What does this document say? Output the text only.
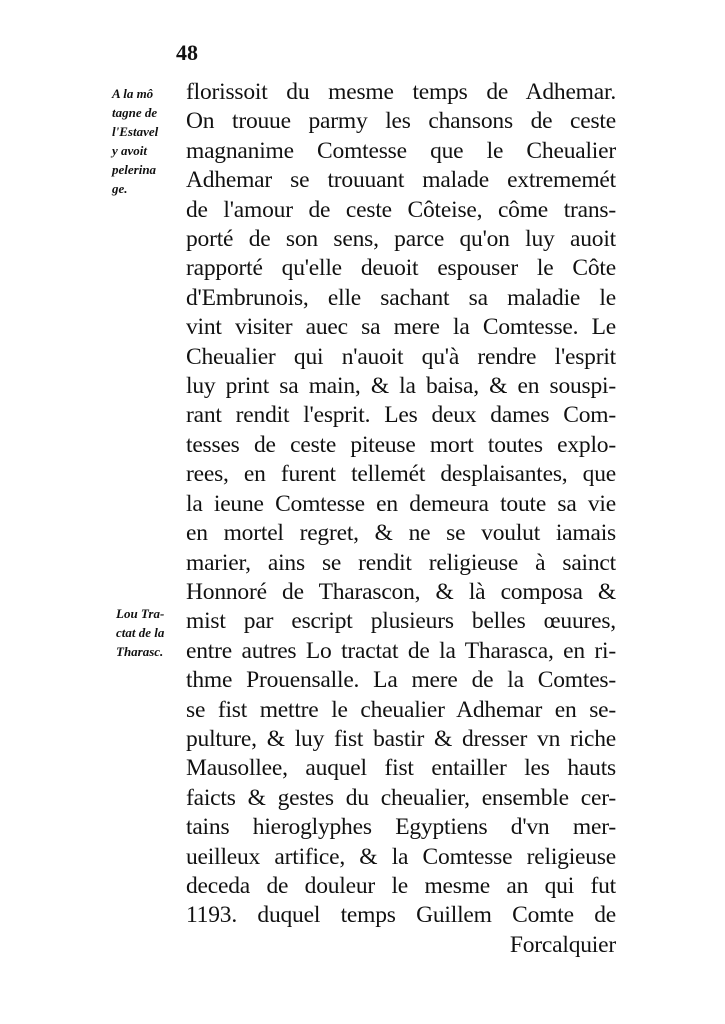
48
A la mô
tagne de
l'Estavel
y avoit
pelerina
ge.
Lou Tra-
ctat de la
Tharasc.
florissoit du mesme temps de Adhemar.
On trouue parmy les chansons de ceste
magnanime Comtesse que le Cheualier
Adhemar se trouuant malade extrememét
de l'amour de ceste Côteise, côme trans-
porté de son sens, parce qu'on luy auoit
rapporté qu'elle deuoit espouser le Côte
d'Embrunois, elle sachant sa maladie le
vint visiter auec sa mere la Comtesse. Le
Cheualier qui n'auoit qu'à rendre l'esprit
luy print sa main, & la baisa, & en souspi-
rant rendit l'esprit. Les deux dames Com-
tesses de ceste piteuse mort toutes explo-
rees, en furent tellemét desplaisantes, que
la ieune Comtesse en demeura toute sa vie
en mortel regret, & ne se voulut iamais
marier, ains se rendit religieuse à sainct
Honnoré de Tharascon, & là composa &
mist par escript plusieurs belles œuures,
entre autres Lo tractat de la Tharasca, en ri-
thme Prouensalle. La mere de la Comtes-
se fist mettre le cheualier Adhemar en se-
pulture, & luy fist bastir & dresser vn riche
Mausollee, auquel fist entailler les hauts
faicts & gestes du cheualier, ensemble cer-
tains hieroglyphes Egyptiens d'vn mer-
ueilleux artifice, & la Comtesse religieuse
deceda de douleur le mesme an qui fut
1193. duquel temps Guillem Comte de
Forcalquier
